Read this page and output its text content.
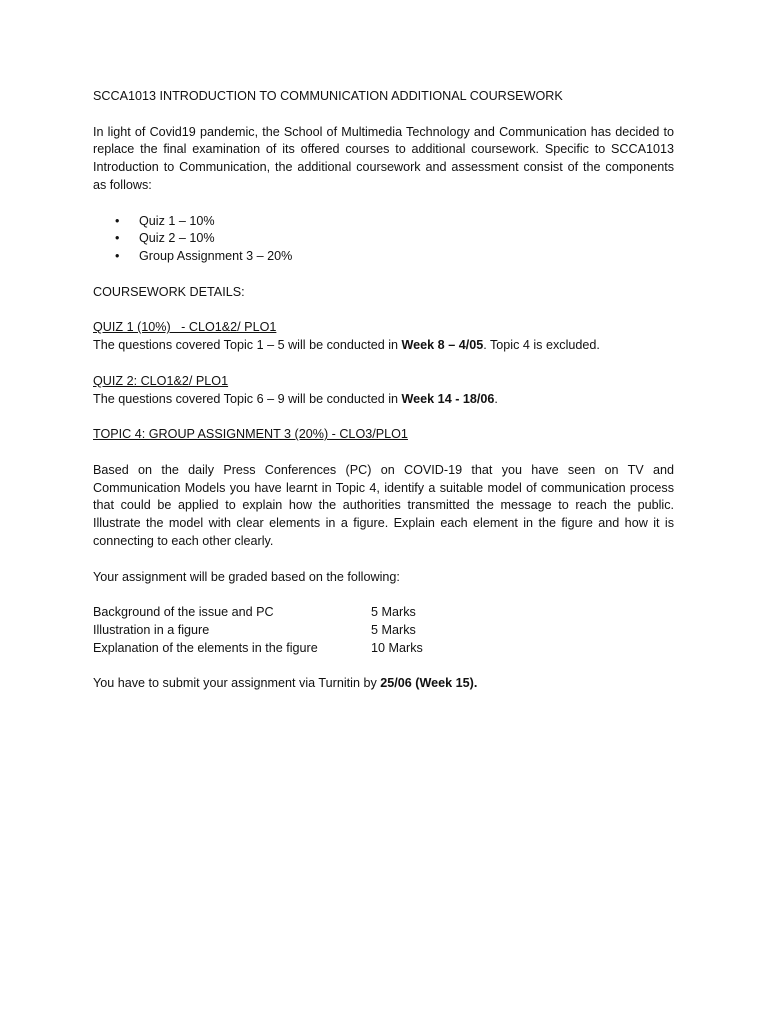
SCCA1013 INTRODUCTION TO COMMUNICATION ADDITIONAL COURSEWORK

In light of Covid19 pandemic, the School of Multimedia Technology and Communication has decided to replace the final examination of its offered courses to additional coursework. Specific to SCCA1013 Introduction to Communication, the additional coursework and assessment consist of the components as follows:

• Quiz 1 – 10%
• Quiz 2 – 10%
• Group Assignment 3 – 20%

COURSEWORK DETAILS:

QUIZ 1 (10%)   - CLO1&2/ PLO1

The questions covered Topic 1 – 5 will be conducted in Week 8 – 4/05. Topic 4 is excluded.

QUIZ 2: CLO1&2/ PLO1

The questions covered Topic 6 – 9 will be conducted in Week 14 - 18/06.

TOPIC 4: GROUP ASSIGNMENT 3 (20%) - CLO3/PLO1

Based on the daily Press Conferences (PC) on COVID-19 that you have seen on TV and Communication Models you have learnt in Topic 4, identify a suitable model of communication process that could be applied to explain how the authorities transmitted the message to reach the public. Illustrate the model with clear elements in a figure. Explain each element in the figure and how it is connecting to each other clearly.

Your assignment will be graded based on the following:

Background of the issue and PC	5 Marks
Illustration in a figure	5 Marks
Explanation of the elements in the figure	10 Marks

You have to submit your assignment via Turnitin by 25/06 (Week 15).
